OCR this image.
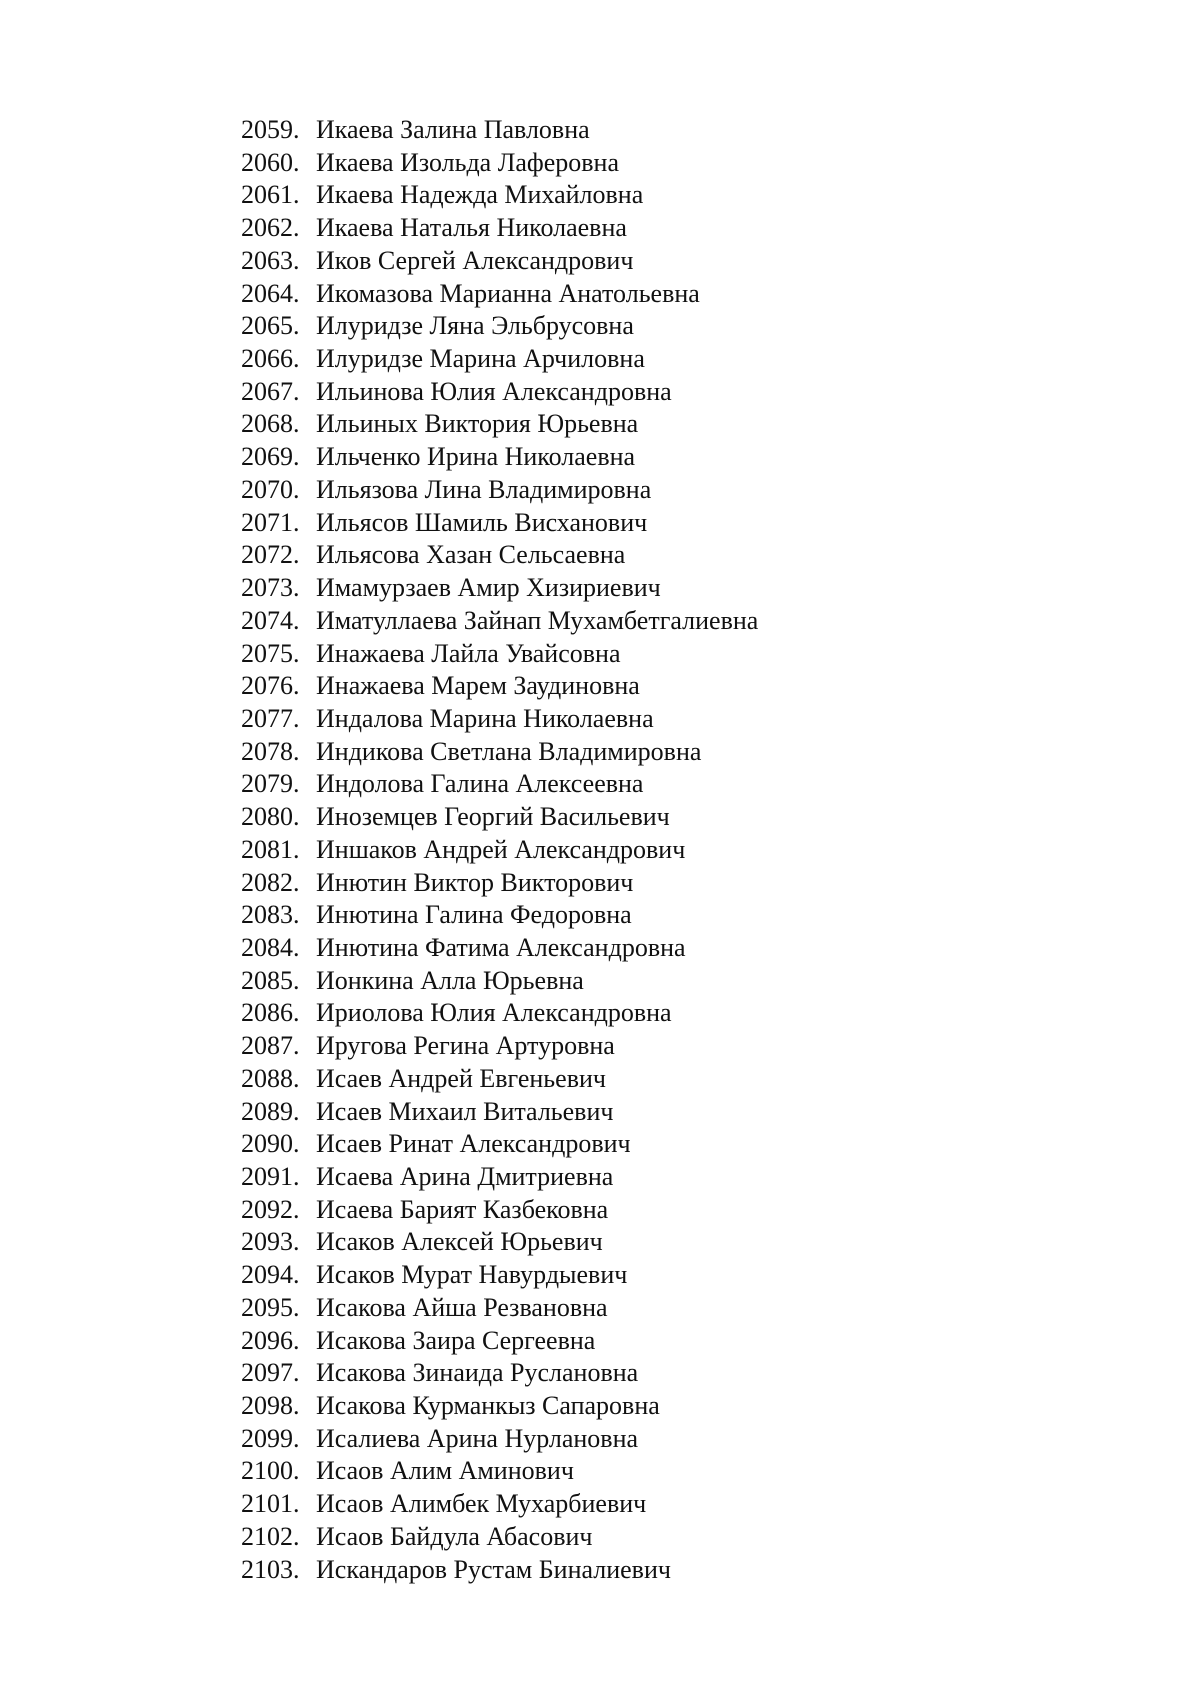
2059. Икаева Залина Павловна
2060. Икаева Изольда Лаферовна
2061. Икаева Надежда Михайловна
2062. Икаева Наталья Николаевна
2063. Иков Сергей Александрович
2064. Икомазова Марианна Анатольевна
2065. Илуридзе Ляна Эльбрусовна
2066. Илуридзе Марина Арчиловна
2067. Ильинова Юлия Александровна
2068. Ильиных Виктория Юрьевна
2069. Ильченко Ирина Николаевна
2070. Ильязова Лина Владимировна
2071. Ильясов Шамиль Висханович
2072. Ильясова Хазан Сельсаевна
2073. Имамурзаев Амир Хизириевич
2074. Иматуллаева Зайнап Мухамбетгалиевна
2075. Инажаева Лайла Увайсовна
2076. Инажаева Марем Заудиновна
2077. Индалова Марина Николаевна
2078. Индикова Светлана Владимировна
2079. Индолова Галина Алексеевна
2080. Иноземцев Георгий Васильевич
2081. Иншаков Андрей Александрович
2082. Инютин Виктор Викторович
2083. Инютина Галина Федоровна
2084. Инютина Фатима Александровна
2085. Ионкина Алла Юрьевна
2086. Ириолова Юлия Александровна
2087. Иругова Регина Артуровна
2088. Исаев Андрей Евгеньевич
2089. Исаев Михаил Витальевич
2090. Исаев Ринат Александрович
2091. Исаева Арина Дмитриевна
2092. Исаева Барият Казбековна
2093. Исаков Алексей Юрьевич
2094. Исаков Мурат Навурдыевич
2095. Исакова Айша Резвановна
2096. Исакова Заира Сергеевна
2097. Исакова Зинаида Руслановна
2098. Исакова Курманкыз Сапаровна
2099. Исалиева Арина Нурлановна
2100. Исаов Алим Аминович
2101. Исаов Алимбек Мухарбиевич
2102. Исаов Байдула Абасович
2103. Искандаров Рустам Биналиевич
